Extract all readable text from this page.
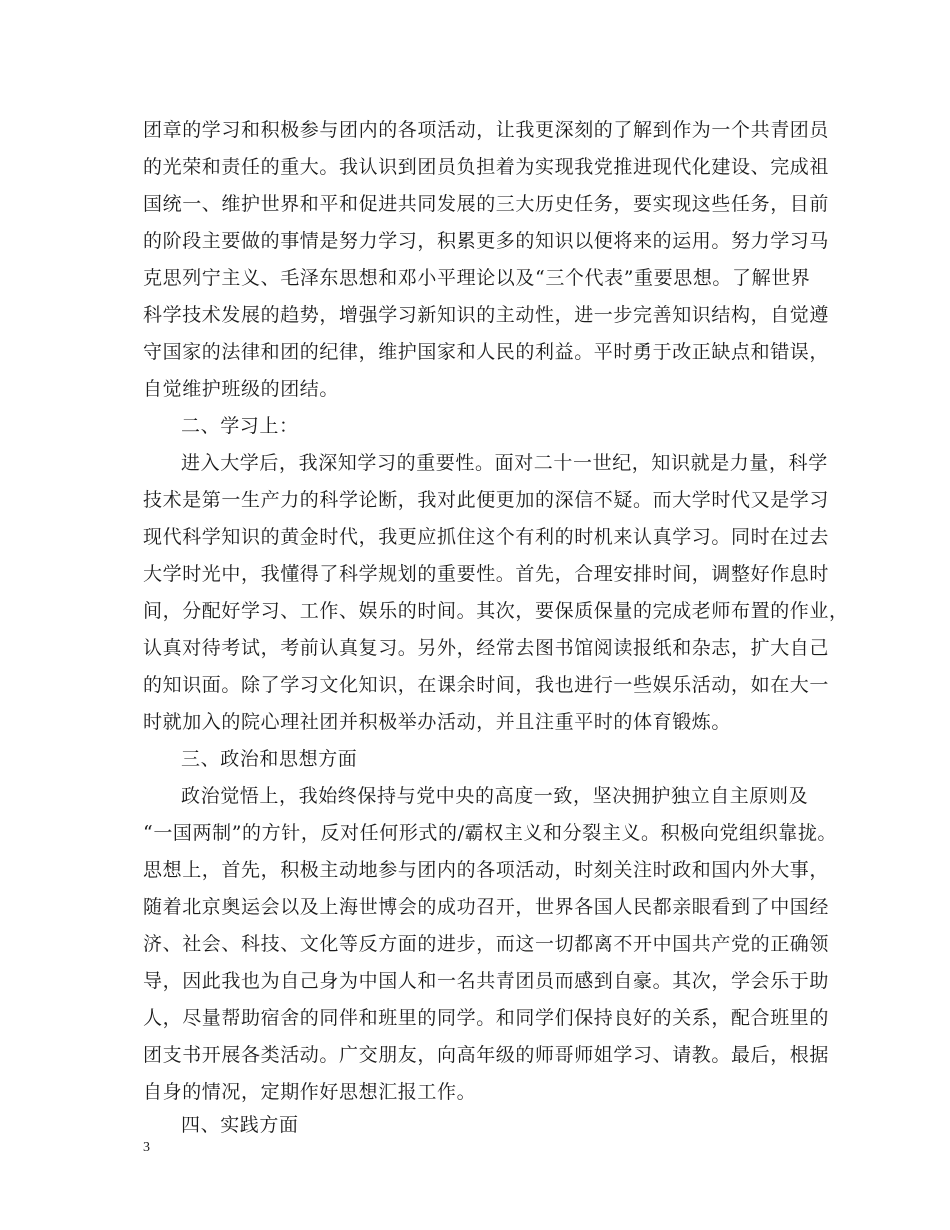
团章的学习和积极参与团内的各项活动，让我更深刻的了解到作为一个共青团员
的光荣和责任的重大。我认识到团员负担着为实现我党推进现代化建设、完成祖
国统一、维护世界和平和促进共同发展的三大历史任务，要实现这些任务，目前
的阶段主要做的事情是努力学习，积累更多的知识以便将来的运用。努力学习马
克思列宁主义、毛泽东思想和邓小平理论以及“三个代表”重要思想。了解世界
科学技术发展的趋势，增强学习新知识的主动性，进一步完善知识结构，自觉遵
守国家的法律和团的纪律，维护国家和人民的利益。平时勇于改正缺点和错误，
自觉维护班级的团结。
二、学习上：
进入大学后，我深知学习的重要性。面对二十一世纪，知识就是力量，科学
技术是第一生产力的科学论断，我对此便更加的深信不疑。而大学时代又是学习
现代科学知识的黄金时代，我更应抓住这个有利的时机来认真学习。同时在过去
大学时光中，我懂得了科学规划的重要性。首先，合理安排时间，调整好作息时
间，分配好学习、工作、娱乐的时间。其次，要保质保量的完成老师布置的作业，
认真对待考试，考前认真复习。另外，经常去图书馆阅读报纸和杂志，扩大自己
的知识面。除了学习文化知识，在课余时间，我也进行一些娱乐活动，如在大一
时就加入的院心理社团并积极举办活动，并且注重平时的体育锻炼。
三、政治和思想方面
政治觉悟上，我始终保持与党中央的高度一致，坚决拥护独立自主原则及
“一国两制”的方针，反对任何形式的/霸权主义和分裂主义。积极向党组织靠拢。
思想上，首先，积极主动地参与团内的各项活动，时刻关注时政和国内外大事，
随着北京奥运会以及上海世博会的成功召开，世界各国人民都亲眼看到了中国经
济、社会、科技、文化等反方面的进步，而这一切都离不开中国共产党的正确领
导，因此我也为自己身为中国人和一名共青团员而感到自豪。其次，学会乐于助
人，尽量帮助宿舍的同伴和班里的同学。和同学们保持良好的关系，配合班里的
团支书开展各类活动。广交朋友，向高年级的师哥师姐学习、请教。最后，根据
自身的情况，定期作好思想汇报工作。
四、实践方面
3
